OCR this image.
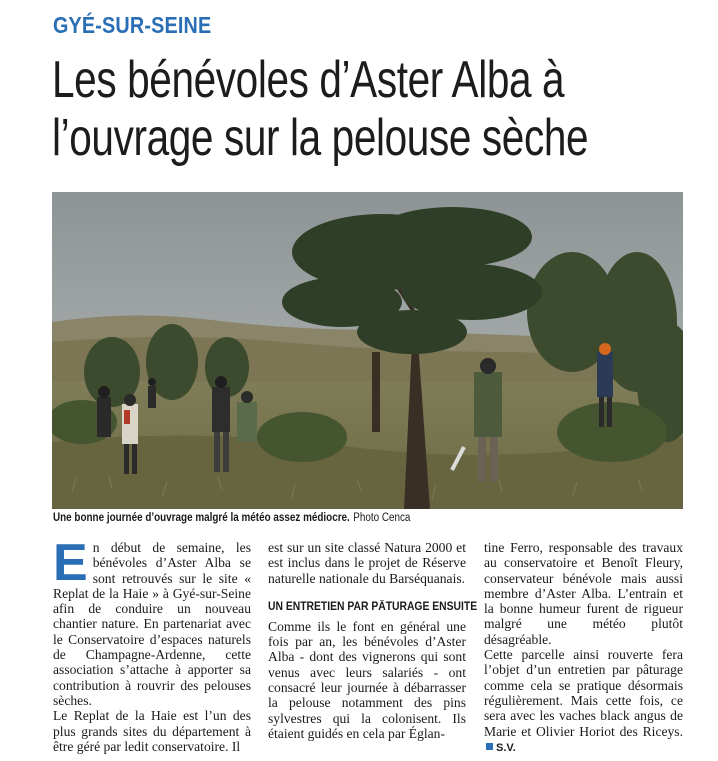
GYÉ-SUR-SEINE
Les bénévoles d’Aster Alba à
l’ouvrage sur la pelouse sèche
Une bonne journée d’ouvrage malgré la météo assez médiocre. Photo Cenca

En début de semaine, les bénévoles d’Aster Alba se sont retrouvés sur le site « Replat de la Haie » à Gyé-sur-Seine afin de conduire un nouveau chantier nature. En partenariat avec le Conservatoire d’espaces naturels de Champagne-Ardenne, cette association s’attache à apporter sa contribution à rouvrir des pelouses sèches.

Le Replat de la Haie est l’un des plus grands sites du département à être géré par ledit conservatoire. Il

est sur un site classé Natura 2000 et est inclus dans le projet de Réserve naturelle nationale du Barséquanais.

UN ENTRETIEN PAR PÂTURAGE ENSUITE

Comme ils le font en général une fois par an, les bénévoles d’Aster Alba - dont des vignerons qui sont venus avec leurs salariés - ont consacré leur journée à débarrasser la pelouse notamment des pins sylvestres qui la colonisent. Ils étaient guidés en cela par Églan-

tine Ferro, responsable des travaux au conservatoire et Benoît Fleury, conservateur bénévole mais aussi membre d’Aster Alba. L’entrain et la bonne humeur furent de rigueur malgré une météo plutôt désagréable.

Cette parcelle ainsi rouverte fera l’objet d’un entretien par pâturage comme cela se pratique désormais régulièrement. Mais cette fois, ce sera avec les vaches black angus de Marie et Olivier Horiot des Riceys. S.V.
